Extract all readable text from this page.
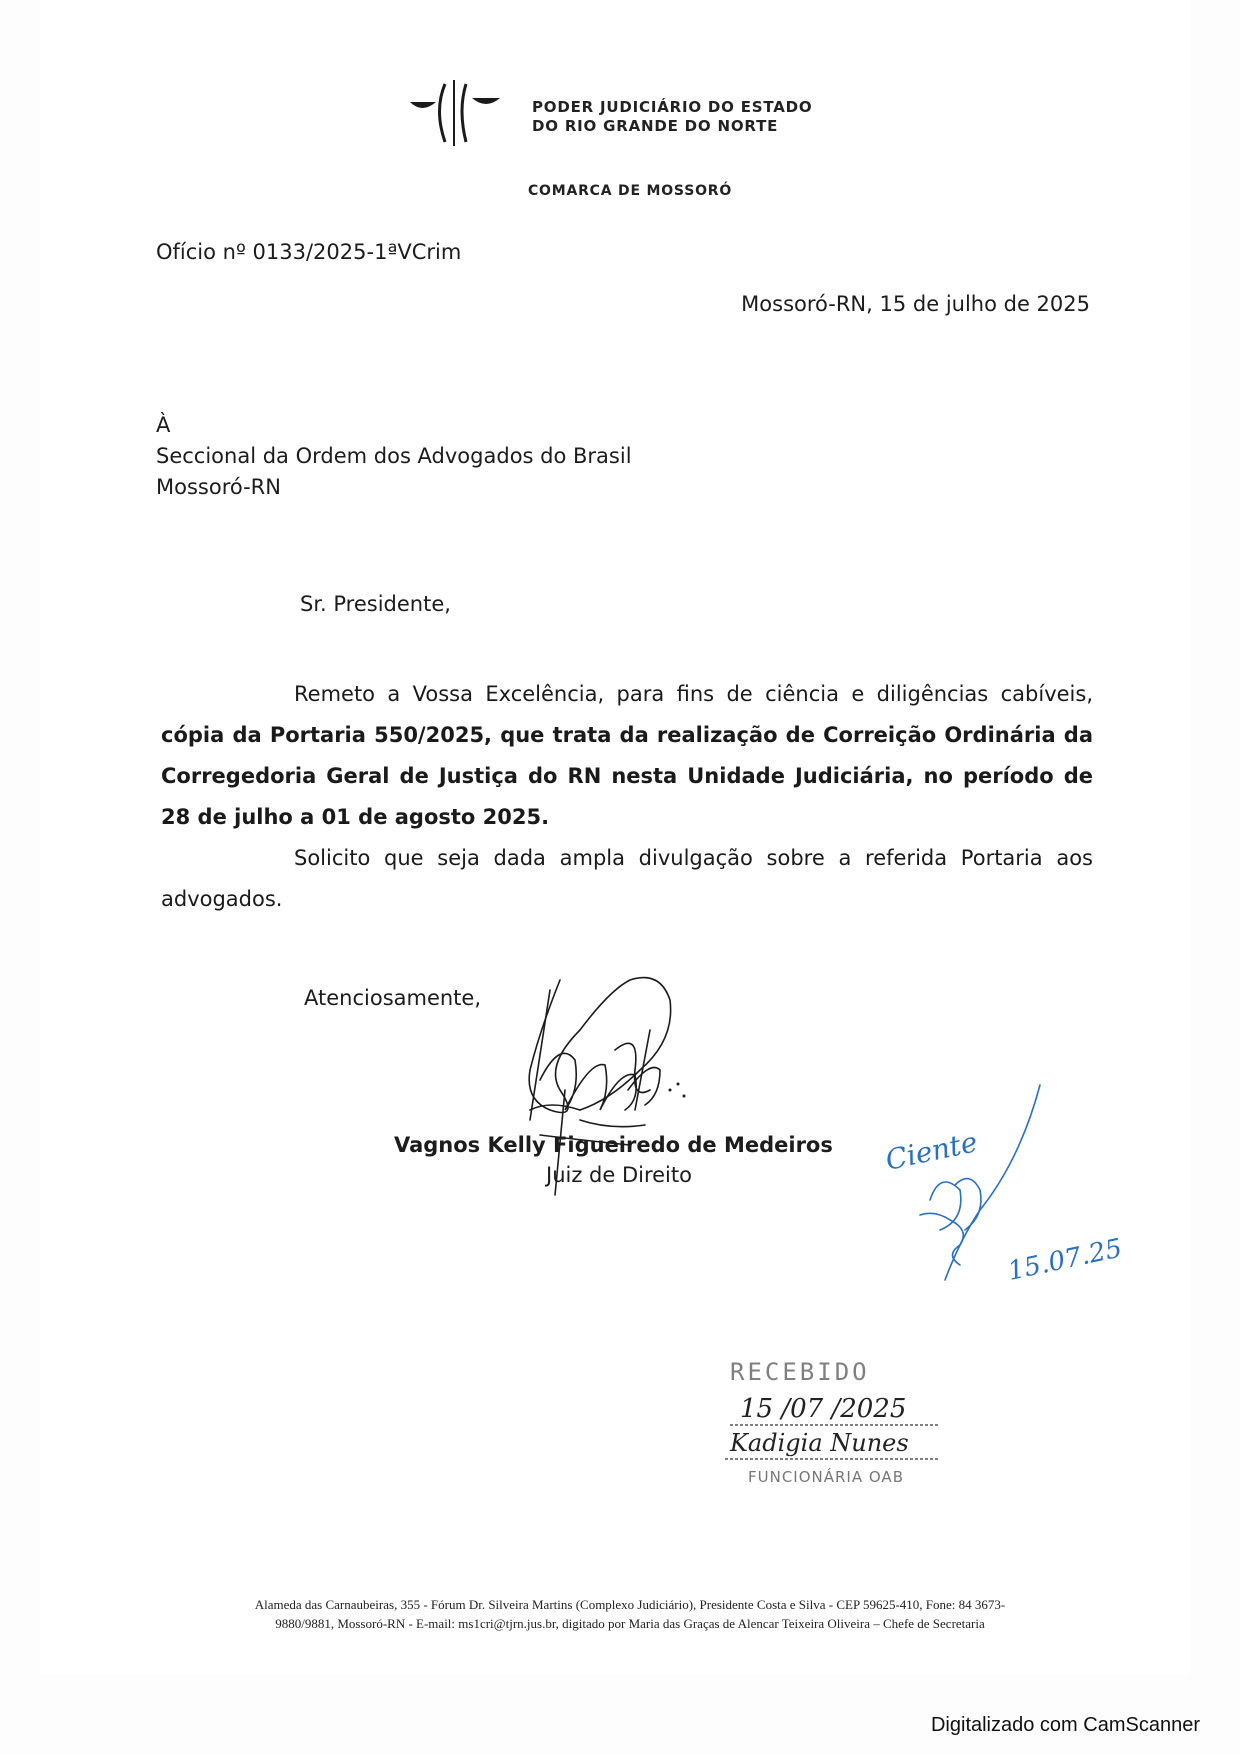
PODER JUDICIÁRIO DO ESTADO
DO RIO GRANDE DO NORTE
COMARCA DE MOSSORÓ
Ofício nº 0133/2025-1ªVCrim
Mossoró-RN, 15 de julho de 2025
À
Seccional da Ordem dos Advogados do Brasil
Mossoró-RN
Sr. Presidente,

Remeto a Vossa Excelência, para fins de ciência e diligências cabíveis, cópia da Portaria 550/2025, que trata da realização de Correição Ordinária da Corregedoria Geral de Justiça do RN nesta Unidade Judiciária, no período de 28 de julho a 01 de agosto 2025.

Solicito que seja dada ampla divulgação sobre a referida Portaria aos advogados.

Atenciosamente,
Vagnos Kelly Figueiredo de Medeiros
Juiz de Direito	Ciente
15.07.25
RECEBIDO
15 /07 /2025
Kadigia Nunes
FUNCIONÁRIA OAB
Alameda das Carnaubeiras, 355 - Fórum Dr. Silveira Martins (Complexo Judiciário), Presidente Costa e Silva - CEP 59625-410, Fone: 84 3673-
9880/9881, Mossoró-RN - E-mail: ms1cri@tjrn.jus.br, digitado por Maria das Graças de Alencar Teixeira Oliveira – Chefe de Secretaria
Digitalizado com CamScanner
